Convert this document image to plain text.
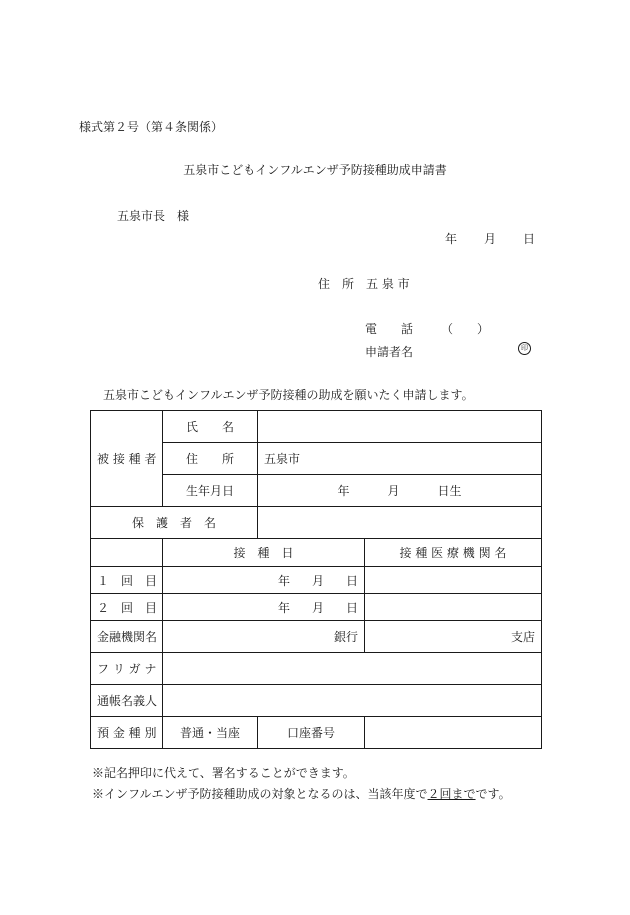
様式第２号（第４条関係）
五泉市こどもインフルエンザ予防接種助成申請書
五泉市長　様
年 月 日
住　所 五 泉 市
電　　話 （　　）
申請者名	印
五泉市こどもインフルエンザ予防接種の助成を願いたく申請します。
被 接 種 者	氏　　名		
	住　　所	五泉市	
	生年月日	年 月 日生	
保　護　者　名			
	接　種　日		接 種 医 療 機 関 名
１　回　目	年 月 日		
２　回　目	年 月 日		
金融機関名	銀行		支店
フ リ ガ ナ			
通帳名義人			
預 金 種 別	普通・当座	口座番号	
※記名押印に代えて、署名することができます。
※インフルエンザ予防接種助成の対象となるのは、当該年度で２回までです。
